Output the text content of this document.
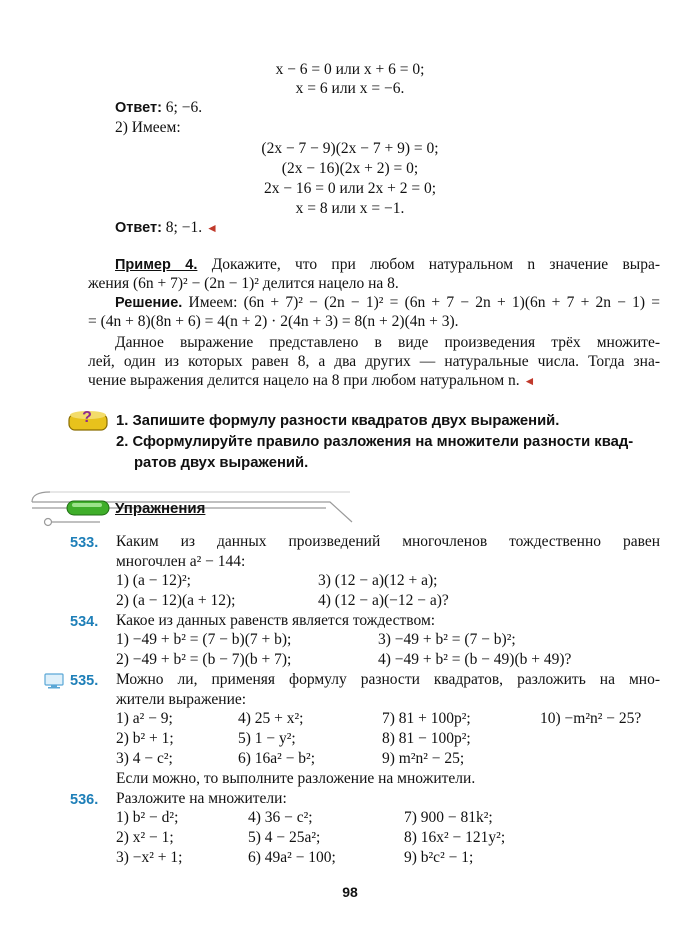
x − 6 = 0 или x + 6 = 0;
x = 6 или x = −6.
Ответ: 6; −6.
2) Имеем:
(2x − 7 − 9)(2x − 7 + 9) = 0;
(2x − 16)(2x + 2) = 0;
2x − 16 = 0 или 2x + 2 = 0;
x = 8 или x = −1.
Ответ: 8; −1. ◄
Пример 4. Докажите, что при любом натуральном n значение выра-
жения (6n + 7)² − (2n − 1)² делится нацело на 8.
Решение. Имеем: (6n + 7)² − (2n − 1)² = (6n + 7 − 2n + 1)(6n + 7 + 2n − 1) =
= (4n + 8)(8n + 6) = 4(n + 2) · 2(4n + 3) = 8(n + 2)(4n + 3).
Данное выражение представлено в виде произведения трёх множите-
лей, один из которых равен 8, а два других — натуральные числа. Тогда зна-
чение выражения делится нацело на 8 при любом натуральном n. ◄
? 1. Запишите формулу разности квадратов двух выражений.
2. Сформулируйте правило разложения на множители разности квад-
ратов двух выражений.
Упражнения
533. Каким из данных произведений многочленов тождественно равен
многочлен a² − 144:
1) (a − 12)²;	3) (12 − a)(12 + a);
2) (a − 12)(a + 12);	4) (12 − a)(−12 − a)?
534. Какое из данных равенств является тождеством:
1) −49 + b² = (7 − b)(7 + b);	3) −49 + b² = (7 − b)²;
2) −49 + b² = (b − 7)(b + 7);	4) −49 + b² = (b − 49)(b + 49)?
535. Можно ли, применяя формулу разности квадратов, разложить на мно-
жители выражение:
1) a² − 9;	4) 25 + x²;	7) 81 + 100p²;	10) −m²n² − 25?
2) b² + 1;	5) 1 − y²;	8) 81 − 100p²;
3) 4 − c²;	6) 16a² − b²;	9) m²n² − 25;
Если можно, то выполните разложение на множители.
536. Разложите на множители:
1) b² − d²;	4) 36 − c²;	7) 900 − 81k²;
2) x² − 1;	5) 4 − 25a²;	8) 16x² − 121y²;
3) −x² + 1;	6) 49a² − 100;	9) b²c² − 1;
98
